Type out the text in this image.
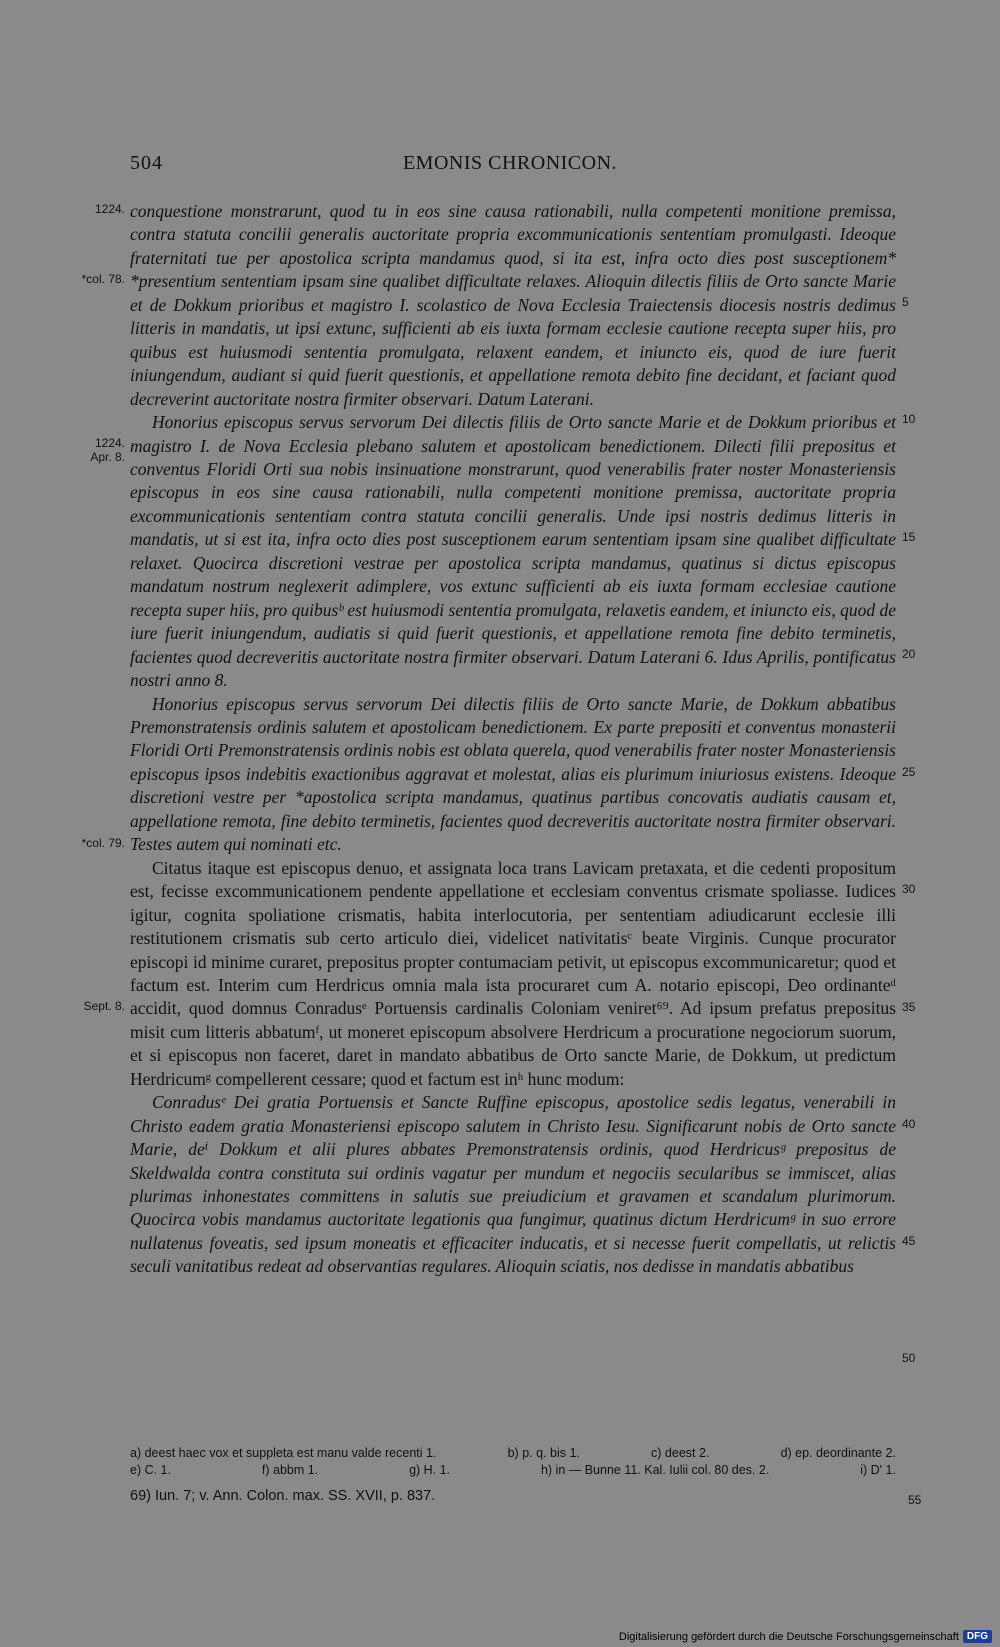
504	EMONIS CHRONICON.

conquestione monstrarunt, quod tu in eos sine causa rationabili, nulla competenti monitione premissa, contra statuta concilii generalis auctoritate propria excommunicationis sententiam promulgasti. Ideoque fraternitati tue per apostolica scripta mandamus quod, si ita est, infra octo dies post susceptionem* *presentium sententiam ipsam sine qualibet difficultate relaxes. Alioquin dilectis filiis de Orto sancte Marie et de Dokkum prioribus et magistro I. scolastico de Nova Ecclesia Traiectensis diocesis nostris dedimus litteris in mandatis, ut ipsi extunc, sufficienti ab eis iuxta formam ecclesie cautione recepta super hiis, pro quibus est huiusmodi sententia promulgata, relaxent eandem, et iniuncto eis, quod de iure fuerit iniungendum, audiant si quid fuerit questionis, et appellatione remota debito fine decidant, et faciant quod decreverint auctoritate nostra firmiter observari. Datum Laterani.

Honorius episcopus servus servorum Dei dilectis filiis de Orto sancte Marie et de Dokkum prioribus et magistro I. de Nova Ecclesia plebano salutem et apostolicam benedictionem. Dilecti filii prepositus et conventus Floridi Orti sua nobis insinuatione monstrarunt, quod venerabilis frater noster Monasteriensis episcopus in eos sine causa rationabili, nulla competenti monitione premissa, auctoritate propria excommunicationis sententiam contra statuta concilii generalis. Unde ipsi nostris dedimus litteris in mandatis, ut si est ita, infra octo dies post susceptionem earum sententiam ipsam sine qualibet difficultate relaxet. Quocirca discretioni vestrae per apostolica scripta mandamus, quatinus si dictus episcopus mandatum nostrum neglexerit adimplere, vos extunc sufficienti ab eis iuxta formam ecclesiae cautione recepta super hiis, pro quibusᵇ est huiusmodi sententia promulgata, relaxetis eandem, et iniuncto eis, quod de iure fuerit iniungendum, audiatis si quid fuerit questionis, et appellatione remota fine debito terminetis, facientes quod decreveritis auctoritate nostra firmiter observari. Datum Laterani 6. Idus Aprilis, pontificatus nostri anno 8.

Honorius episcopus servus servorum Dei dilectis filiis de Orto sancte Marie, de Dokkum abbatibus Premonstratensis ordinis salutem et apostolicam benedictionem. Ex parte prepositi et conventus monasterii Floridi Orti Premonstratensis ordinis nobis est oblata querela, quod venerabilis frater noster Monasteriensis episcopus ipsos indebitis exactionibus aggravat et molestat, alias eis plurimum iniuriosus existens. Ideoque discretioni vestre per *apostolica scripta mandamus, quatinus partibus concovatis audiatis causam et, appellatione remota, fine debito terminetis, facientes quod decreveritis auctoritate nostra firmiter observari. Testes autem qui nominati etc.

Citatus itaque est episcopus denuo, et assignata loca trans Lavicam pretaxata, et die cedenti propositum est, fecisse excommunicationem pendente appellatione et ecclesiam conventus crismate spoliasse. Iudices igitur, cognita spoliatione crismatis, habita interlocutoria, per sententiam adiudicarunt ecclesie illi restitutionem crismatis sub certo articulo diei, videlicet nativitatisᶜ beate Virginis. Cunque procurator episcopi id minime curaret, prepositus propter contumaciam petivit, ut episcopus excommunicaretur; quod et factum est. Interim cum Herdricus omnia mala ista procuraret cum A. notario episcopi, Deo ordinanteᵈ accidit, quod domnus Conradusᵉ Portuensis cardinalis Coloniam veniret⁶⁹. Ad ipsum prefatus prepositus misit cum litteris abbatumᶠ, ut moneret episcopum absolvere Herdricum a procuratione negociorum suorum, et si episcopus non faceret, daret in mandato abbatibus de Orto sancte Marie, de Dokkum, ut predictum Herdricumᵍ compellerent cessare; quod et factum est inʰ hunc modum:

Conradusᵉ Dei gratia Portuensis et Sancte Ruffine episcopus, apostolice sedis legatus, venerabili in Christo eadem gratia Monasteriensi episcopo salutem in Christo Iesu. Significarunt nobis de Orto sancte Marie, deⁱ Dokkum et alii plures abbates Premonstratensis ordinis, quod Herdricusᵍ prepositus de Skeldwalda contra constituta sui ordinis vagatur per mundum et negociis secularibus se immiscet, alias plurimas inhonestates committens in salutis sue preiudicium et gravamen et scandalum plurimorum. Quocirca vobis mandamus auctoritate legationis qua fungimur, quatinus dictum Herdricumᵍ in suo errore nullatenus foveatis, sed ipsum moneatis et efficaciter inducatis, et si necesse fuerit compellatis, ut relictis seculi vanitatibus redeat ad observantias regulares. Alioquin sciatis, nos dedisse in mandatis abbatibus

1224.
*col. 78.
1224.
Apr. 8.
*col. 79.
Sept. 8.
5
10
15
20
25
30
35
40
45
50
a) deest haec vox et suppleta est manu valde recenti 1.	b) p. q. bis 1.	c) deest 2.	d) ep. deordinante 2.
e) C. 1.	f) abbm 1.	g) H. 1.	h) in — Bunne 11. Kal. Iulii col. 80 des. 2.	i) D' 1.
69) Iun. 7; v. Ann. Colon. max. SS. XVII, p. 837.	55
Digitalisierung gefördert durch die Deutsche Forschungsgemeinschaft DFG
